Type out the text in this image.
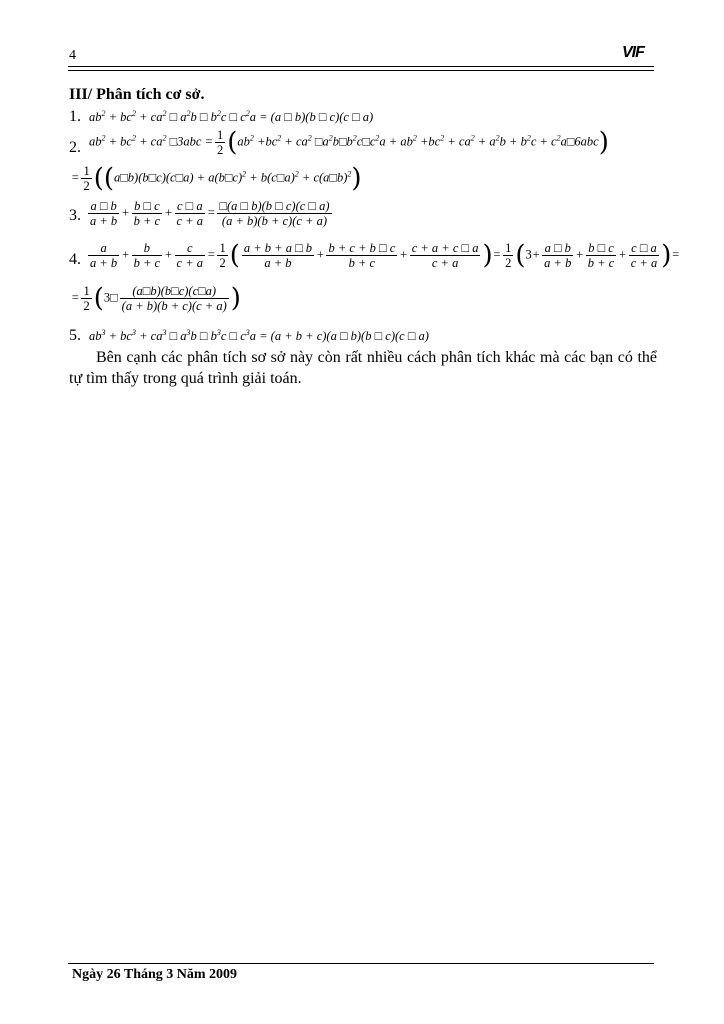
4	VIF
III/ Phân tích cơ sở.
1. $ab^2 + bc^2 + ca^2$ □ $a^2b$ □ $b^2c$ □ $c^2a = (a$ □ b)(b □ c)(c □ a)
2. $ab^2 + bc^2 + ca^2$ □3abc = $\frac{1}{2} (ab^2 +bc^2 + ca^2$ $□a^2b□b^2c□c^2a + ab^2 +bc^2 + ca^2 + a^2b + b^2c$ + $c^2a□6abc$)
= $\frac{1}{2}$ ((a□b)(b□c)(c□a) + a(b□c)$^2$ + b(c□a)$^2$ + c(a□b)$^2$)
3. $\frac{a □ b}{a + b} + \frac{b □ c}{b + c} + \frac{c □ a}{c + a} = \frac{□(a □ b)(b □ c)(c □ a)}{(a + b)(b + c)(c + a)}$
4. $\frac{a}{a + b} + \frac{b}{b + c} + \frac{c}{c + a} = \frac{1}{2}$ ( $\frac{a + b + a □ b}{a + b} + \frac{b + c + b □ c}{b + c} + \frac{c + a + c □ a}{c + a}$ )= $\frac{1}{2} (3+ \frac{a □ b}{a + b} + \frac{b □ c}{b + c} + \frac{c □ a}{c + a}$ )=
= $\frac{1}{2}$ (3□ $\frac{(a□b)(b□c)(c□a)}{(a + b)(b + c)(c + a)}$ )
5. $ab^3 + bc^3 + ca^3$ □ $a^3b$ □ $b^3c$ □ $c^3a = (a + b + c)(a$ □ b)(b □ c)(c □ a)
Bên cạnh các phân tích sơ sở này còn rất nhiều cách phân tích khác mà các bạn có thể tự tìm thấy trong quá trình giải toán.
Ngày 26 Tháng 3 Năm 2009
